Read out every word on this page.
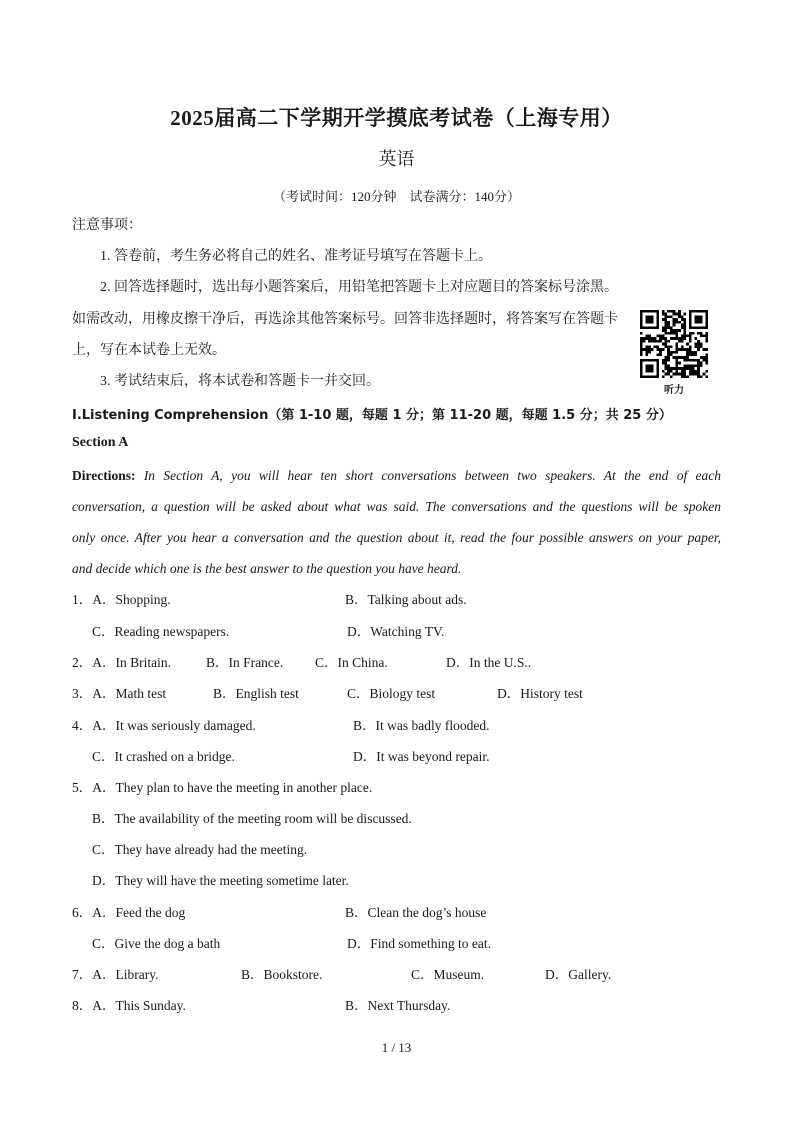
2025届高二下学期开学摸底考试卷（上海专用）
英语
（考试时间：120分钟　试卷满分：140分）
注意事项：
1. 答卷前，考生务必将自己的姓名、准考证号填写在答题卡上。
2. 回答选择题时，选出每小题答案后，用铅笔把答题卡上对应题目的答案标号涂黑。
如需改动，用橡皮擦干净后，再选涂其他答案标号。回答非选择题时，将答案写在答题卡
上，写在本试卷上无效。
3. 考试结束后，将本试卷和答题卡一并交回。
听力
I.Listening Comprehension（第 1-10 题，每题 1 分；第 11-20 题，每题 1.5 分；共 25 分）
Section A
Directions: In Section A, you will hear ten short conversations between two speakers. At the end of each
conversation, a question will be asked about what was said. The conversations and the questions will be spoken
only once. After you hear a conversation and the question about it, read the four possible answers on your paper,
and decide which one is the best answer to the question you have heard.
1．A．Shopping.	B．Talking about ads.
C．Reading newspapers.	D．Watching TV.
2．A．In Britain.	B．In France. C．In China.	D．In the U.S..
3．A．Math test	B．English test	C．Biology test	D．History test
4．A．It was seriously damaged.	B．It was badly flooded.
C．It crashed on a bridge.	D．It was beyond repair.
5．A．They plan to have the meeting in another place.
B．The availability of the meeting room will be discussed.
C．They have already had the meeting.
D．They will have the meeting sometime later.
6．A．Feed the dog	B．Clean the dog’s house
C．Give the dog a bath	D．Find something to eat.
7．A．Library.	B．Bookstore.	C．Museum.	D．Gallery.
8．A．This Sunday.	B．Next Thursday.
1 / 13
